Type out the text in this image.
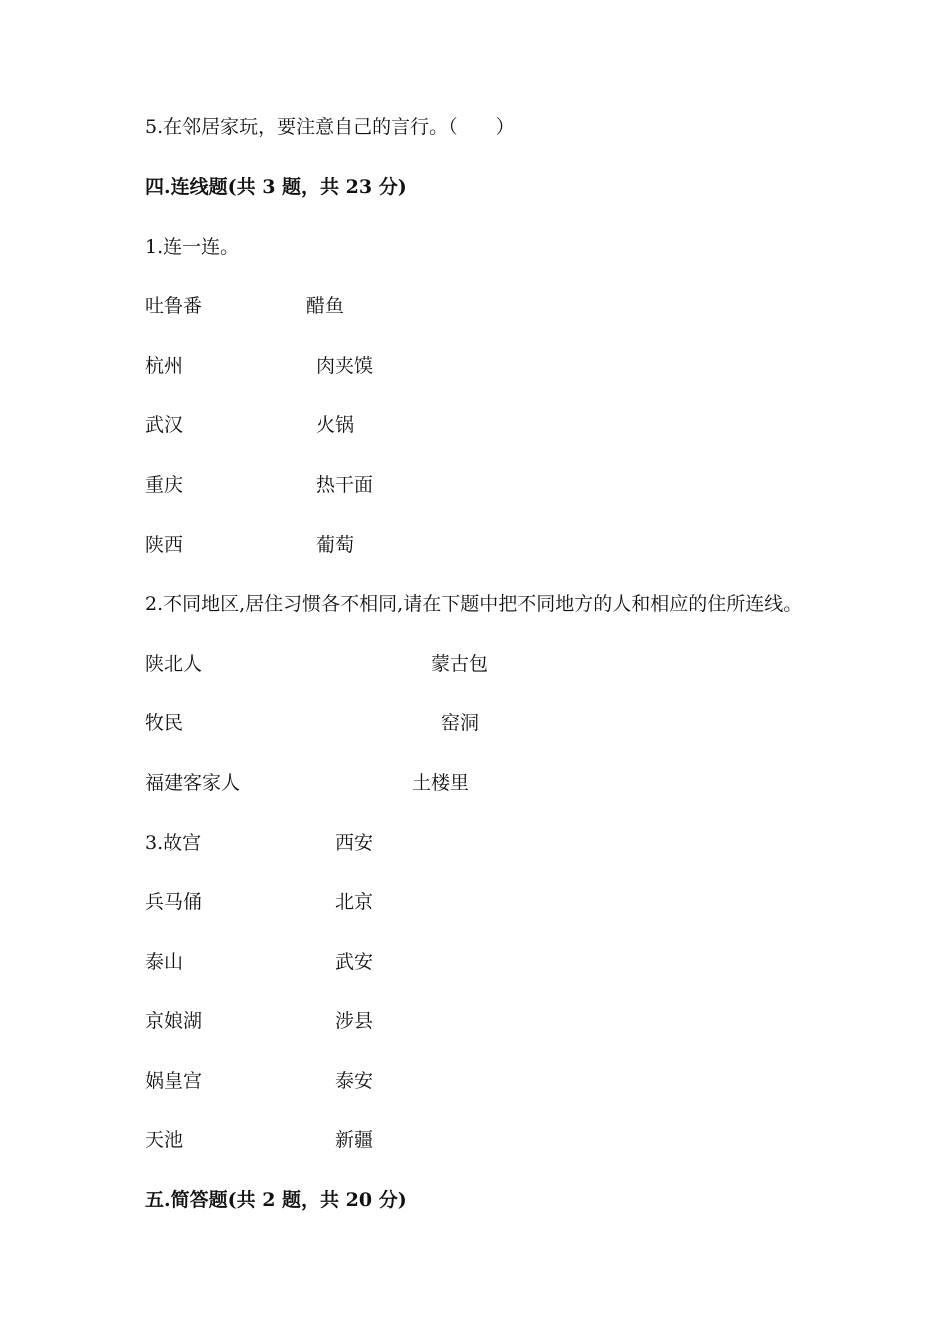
5.在邻居家玩，要注意自己的言行。（　　）
四.连线题(共 3 题，共 23 分)
1.连一连。
吐鲁番	醋鱼
杭州	肉夹馍
武汉	火锅
重庆	热干面
陕西	葡萄
2.不同地区,居住习惯各不相同,请在下题中把不同地方的人和相应的住所连线。
陕北人	蒙古包
牧民	窑洞
福建客家人	土楼里
3.故宫	西安
兵马俑	北京
泰山	武安
京娘湖	涉县
娲皇宫	泰安
天池	新疆
五.简答题(共 2 题，共 20 分)
